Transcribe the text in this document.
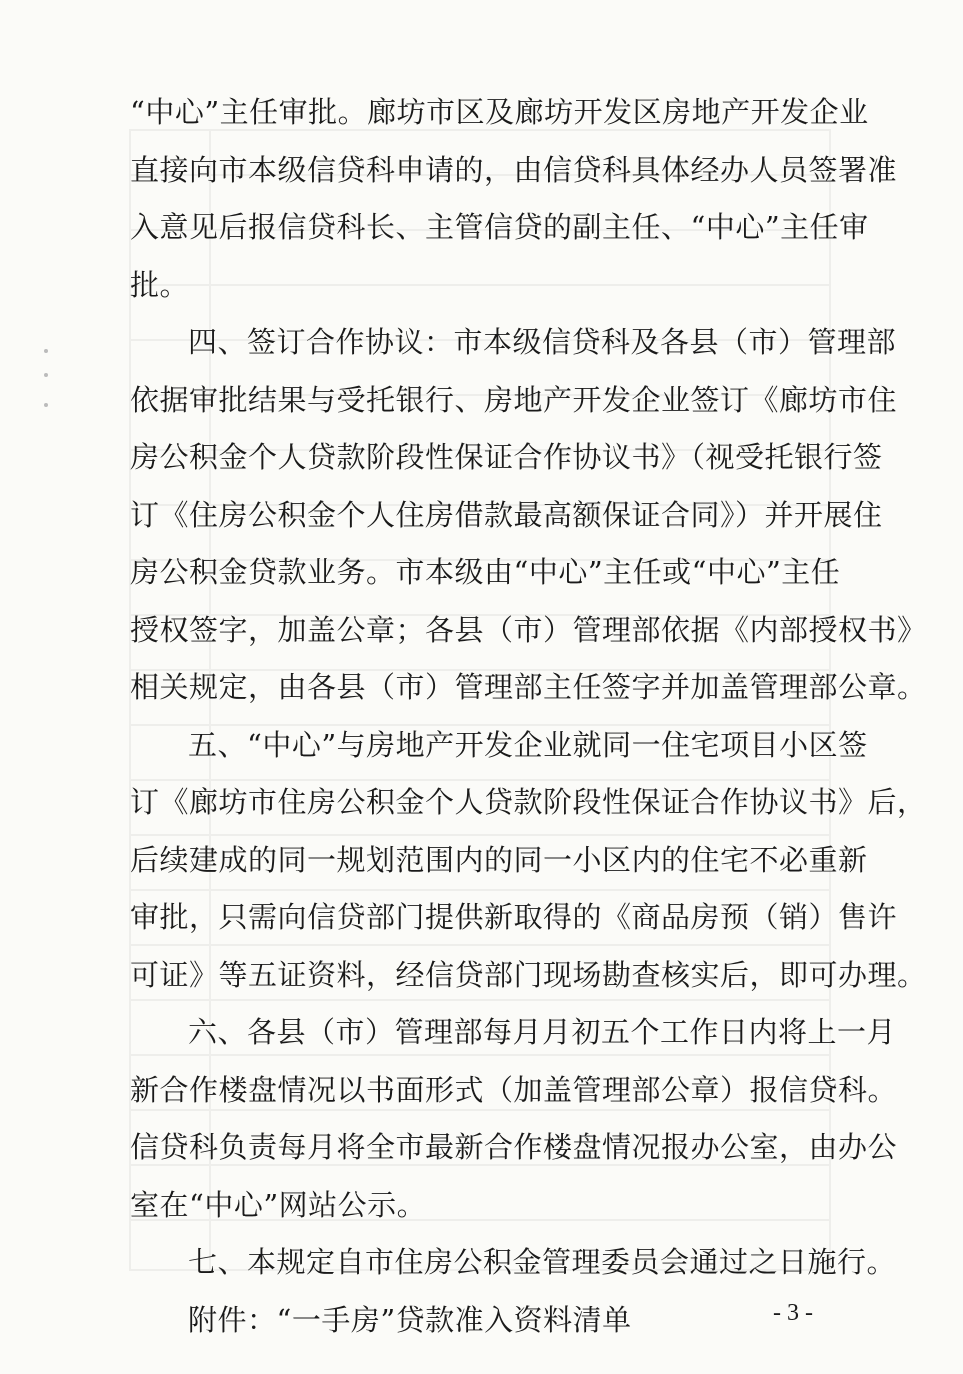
“中心”主任审批。廊坊市区及廊坊开发区房地产开发企业
直接向市本级信贷科申请的，由信贷科具体经办人员签署准
入意见后报信贷科长、主管信贷的副主任、“中心”主任审
批。
四、签订合作协议：市本级信贷科及各县（市）管理部
依据审批结果与受托银行、房地产开发企业签订《廊坊市住
房公积金个人贷款阶段性保证合作协议书》（视受托银行签
订《住房公积金个人住房借款最高额保证合同》）并开展住
房公积金贷款业务。市本级由“中心”主任或“中心”主任
授权签字，加盖公章；各县（市）管理部依据《内部授权书》
相关规定，由各县（市）管理部主任签字并加盖管理部公章。
五、“中心”与房地产开发企业就同一住宅项目小区签
订《廊坊市住房公积金个人贷款阶段性保证合作协议书》后，
后续建成的同一规划范围内的同一小区内的住宅不必重新
审批，只需向信贷部门提供新取得的《商品房预（销）售许
可证》等五证资料，经信贷部门现场勘查核实后，即可办理。
六、各县（市）管理部每月月初五个工作日内将上一月
新合作楼盘情况以书面形式（加盖管理部公章）报信贷科。
信贷科负责每月将全市最新合作楼盘情况报办公室，由办公
室在“中心”网站公示。
七、本规定自市住房公积金管理委员会通过之日施行。
附件：“一手房”贷款准入资料清单	- 3 -
